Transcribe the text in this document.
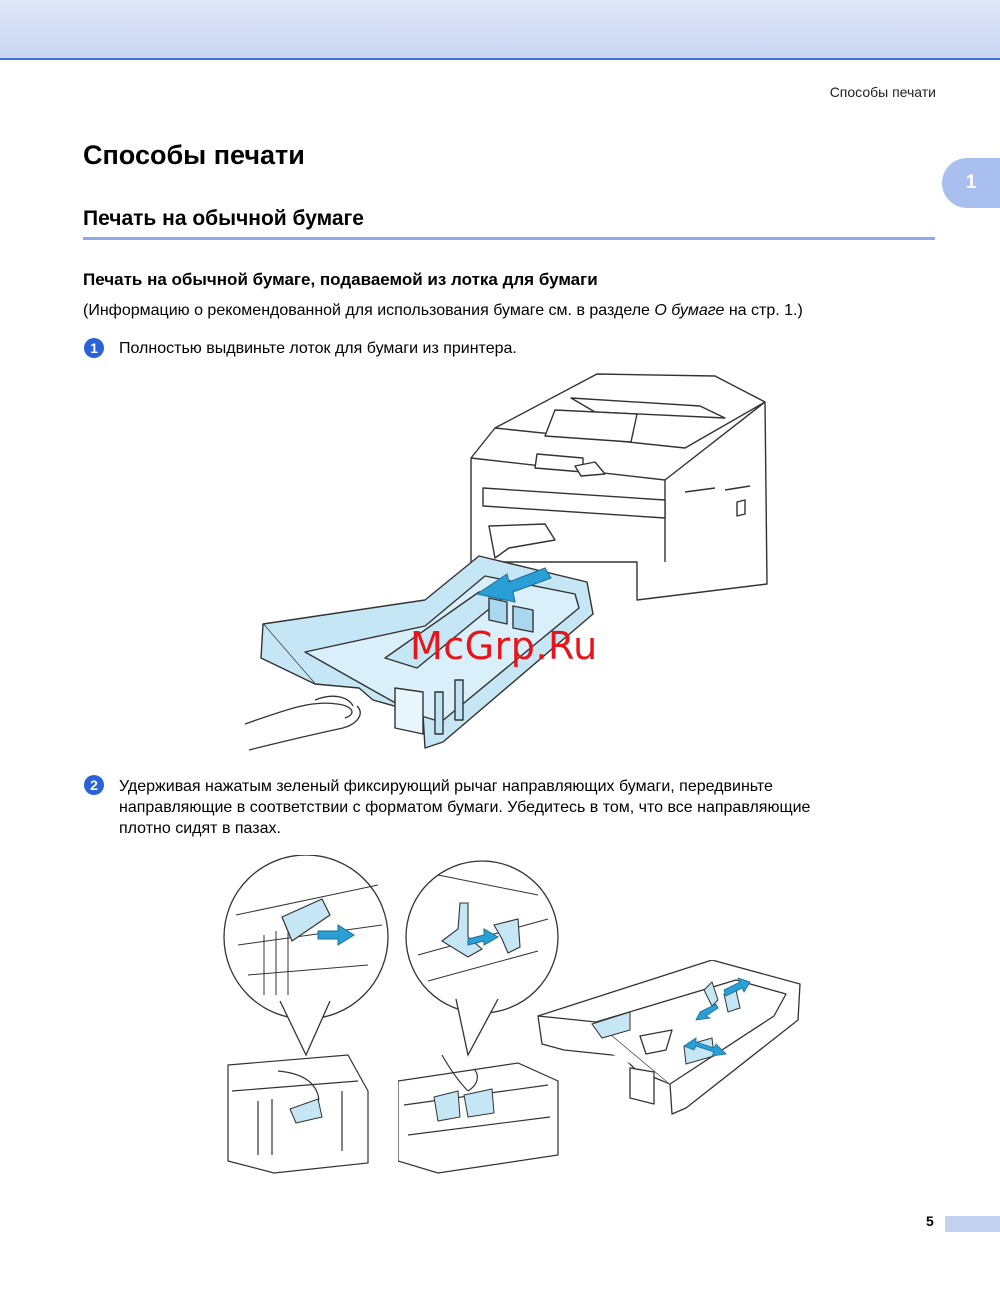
Способы печати
1
Способы печати
Печать на обычной бумаге
Печать на обычной бумаге, подаваемой из лотка для бумаги

(Информацию о рекомендованной для использования бумаге см. в разделе О бумаге на стр. 1.)

1	Полностью выдвиньте лоток для бумаги из принтера.

McGrp.Ru
2	Удерживая нажатым зеленый фиксирующий рычаг направляющих бумаги, передвиньте
направляющие в соответствии с форматом бумаги. Убедитесь в том, что все направляющие
плотно сидят в пазах.

5
